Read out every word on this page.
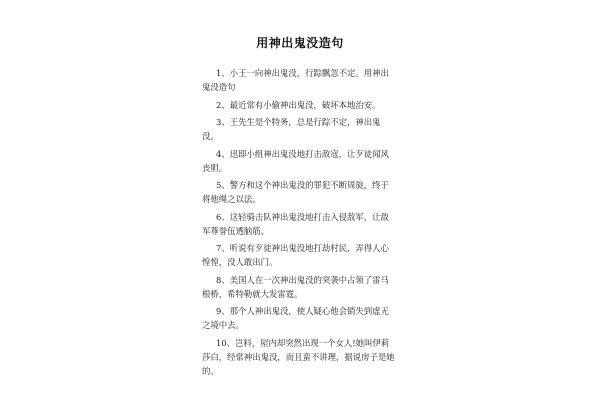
用神出鬼没造句
1、小王一向神出鬼没，行踪飘忽不定。用神出鬼没造句
2、最近常有小偷神出鬼没，破坏本地治安。
3、王先生是个特务，总是行踪不定，神出鬼没。
4、迅即小组神出鬼没地打击敌寇，让歹徒闻风丧胆。
5、警方和这个神出鬼没的罪犯不断周旋，终于将他绳之以法。
6、这轻骑击队神出鬼没地打击入侵敌军，让敌军尊誉伍透脑筋。
7、听说有歹徒神出鬼没地打劫村民，弄得人心惶惶，没人敢出门。
8、美国人在一次神出鬼没的突袭中占领了雷马根桥，希特勒就大发雷霆。
9、那个人神出鬼没，使人疑心他会销失到虚无之境中去。
10、岂料，屋内却突然出现一个女人!她叫伊莉莎白，经常神出鬼没，而且蛮不讲理，据说房子是她的。
